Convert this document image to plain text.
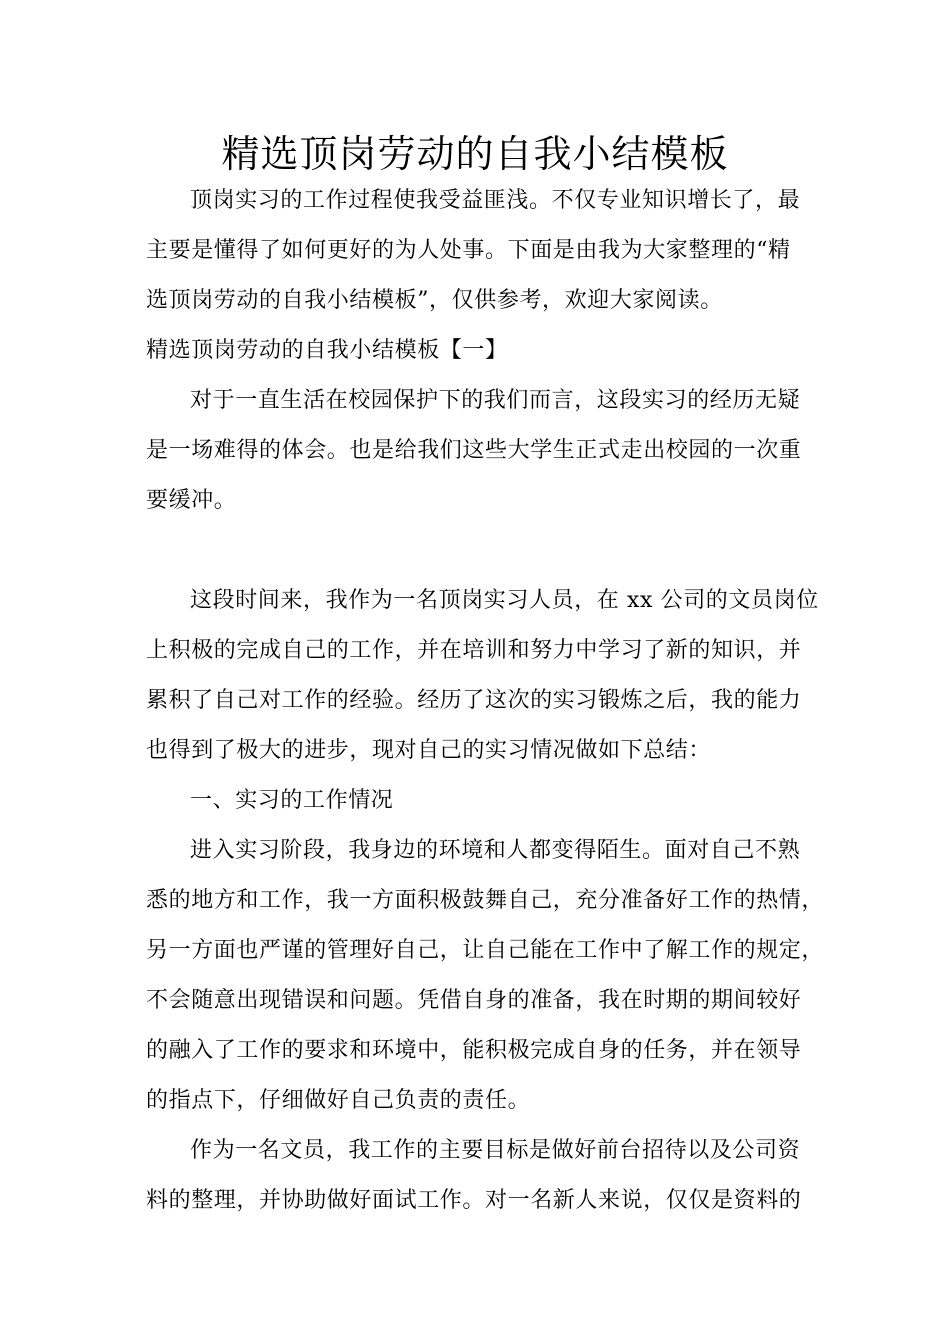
精选顶岗劳动的自我小结模板
顶岗实习的工作过程使我受益匪浅。不仅专业知识增长了，最
主要是懂得了如何更好的为人处事。下面是由我为大家整理的“精
选顶岗劳动的自我小结模板”，仅供参考，欢迎大家阅读。
精选顶岗劳动的自我小结模板【一】
对于一直生活在校园保护下的我们而言，这段实习的经历无疑
是一场难得的体会。也是给我们这些大学生正式走出校园的一次重
要缓冲。
这段时间来，我作为一名顶岗实习人员，在 xx 公司的文员岗位
上积极的完成自己的工作，并在培训和努力中学习了新的知识，并
累积了自己对工作的经验。经历了这次的实习锻炼之后，我的能力
也得到了极大的进步，现对自己的实习情况做如下总结：
一、实习的工作情况
进入实习阶段，我身边的环境和人都变得陌生。面对自己不熟
悉的地方和工作，我一方面积极鼓舞自己，充分准备好工作的热情，
另一方面也严谨的管理好自己，让自己能在工作中了解工作的规定，
不会随意出现错误和问题。凭借自身的准备，我在时期的期间较好
的融入了工作的要求和环境中，能积极完成自身的任务，并在领导
的指点下，仔细做好自己负责的责任。
作为一名文员，我工作的主要目标是做好前台招待以及公司资
料的整理，并协助做好面试工作。对一名新人来说，仅仅是资料的
